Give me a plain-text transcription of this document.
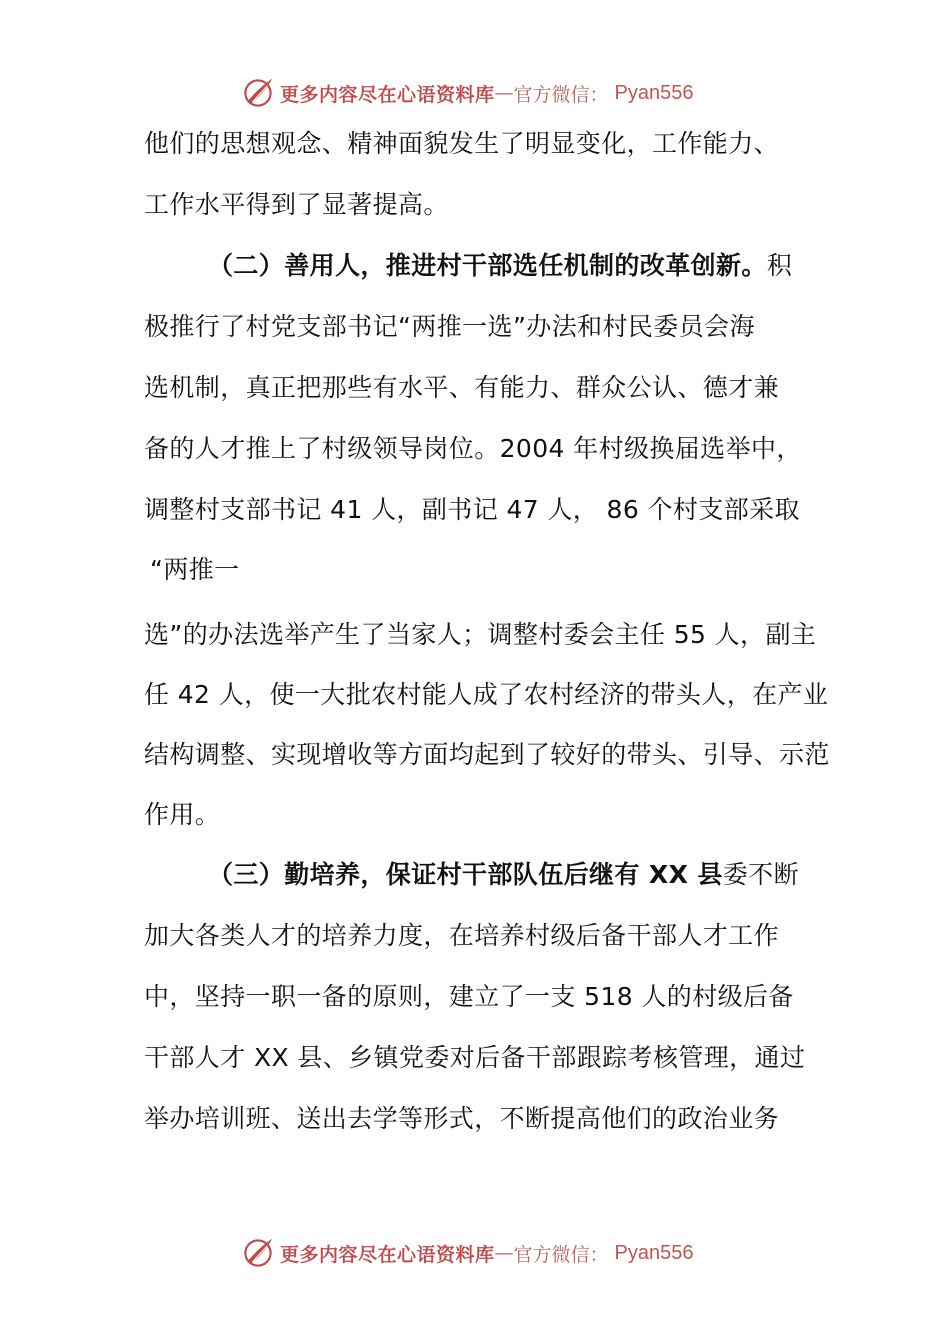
更多内容尽在心语资料库 — 官方微信： Pyan556
他们的思想观念、精神面貌发生了明显变化，工作能力、
工作水平得到了显著提高。
（二）善用人，推进村干部选任机制的改革创新。积
极推行了村党支部书记“两推一选”办法和村民委员会海
选机制，真正把那些有水平、有能力、群众公认、德才兼
备的人才推上了村级领导岗位。2004 年村级换届选举中，
调整村支部书记 41 人，副书记 47 人， 86 个村支部采取
“两推一
选”的办法选举产生了当家人；调整村委会主任 55 人，副主
任 42 人，使一大批农村能人成了农村经济的带头人，在产业
结构调整、实现增收等方面均起到了较好的带头、引导、示范
作用。
（三）勤培养，保证村干部队伍后继有 XX 县委不断
加大各类人才的培养力度，在培养村级后备干部人才工作
中，坚持一职一备的原则，建立了一支 518 人的村级后备
干部人才 XX 县、乡镇党委对后备干部跟踪考核管理，通过
举办培训班、送出去学等形式，不断提高他们的政治业务
更多内容尽在心语资料库 — 官方微信： Pyan556
